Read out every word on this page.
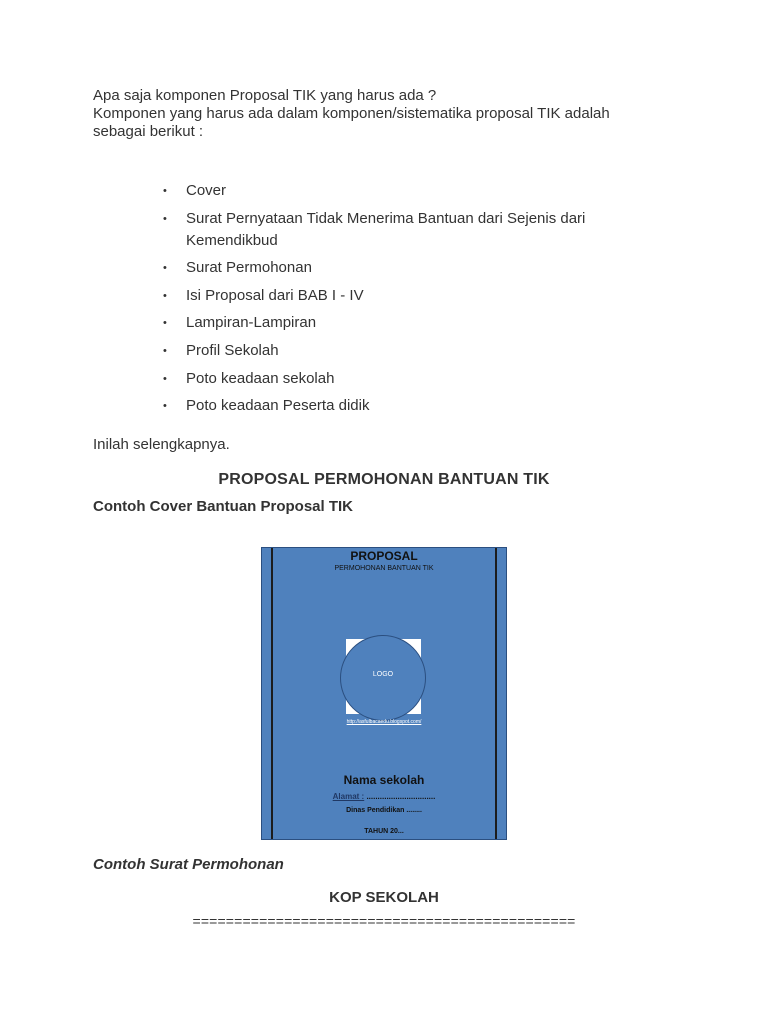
Apa saja komponen Proposal TIK yang harus ada ?
Komponen yang harus ada dalam komponen/sistematika proposal TIK adalah
sebagai berikut :
• Cover
• Surat Pernyataan Tidak Menerima Bantuan dari Sejenis dari Kemendikbud
• Surat Permohonan
• Isi Proposal dari BAB I - IV
• Lampiran-Lampiran
• Profil Sekolah
• Poto keadaan sekolah
• Poto keadaan Peserta didik
Inilah selengkapnya.
PROPOSAL PERMOHONAN BANTUAN TIK
Contoh Cover Bantuan Proposal TIK
PROPOSAL
PERMOHONAN BANTUAN TIK
LOGO
http://asfulbacaedu.blogspot.com/
Nama sekolah
Alamat : ...............................
Dinas Pendidikan ........
TAHUN 20...
Contoh Surat Permohonan
KOP SEKOLAH
==============================================
